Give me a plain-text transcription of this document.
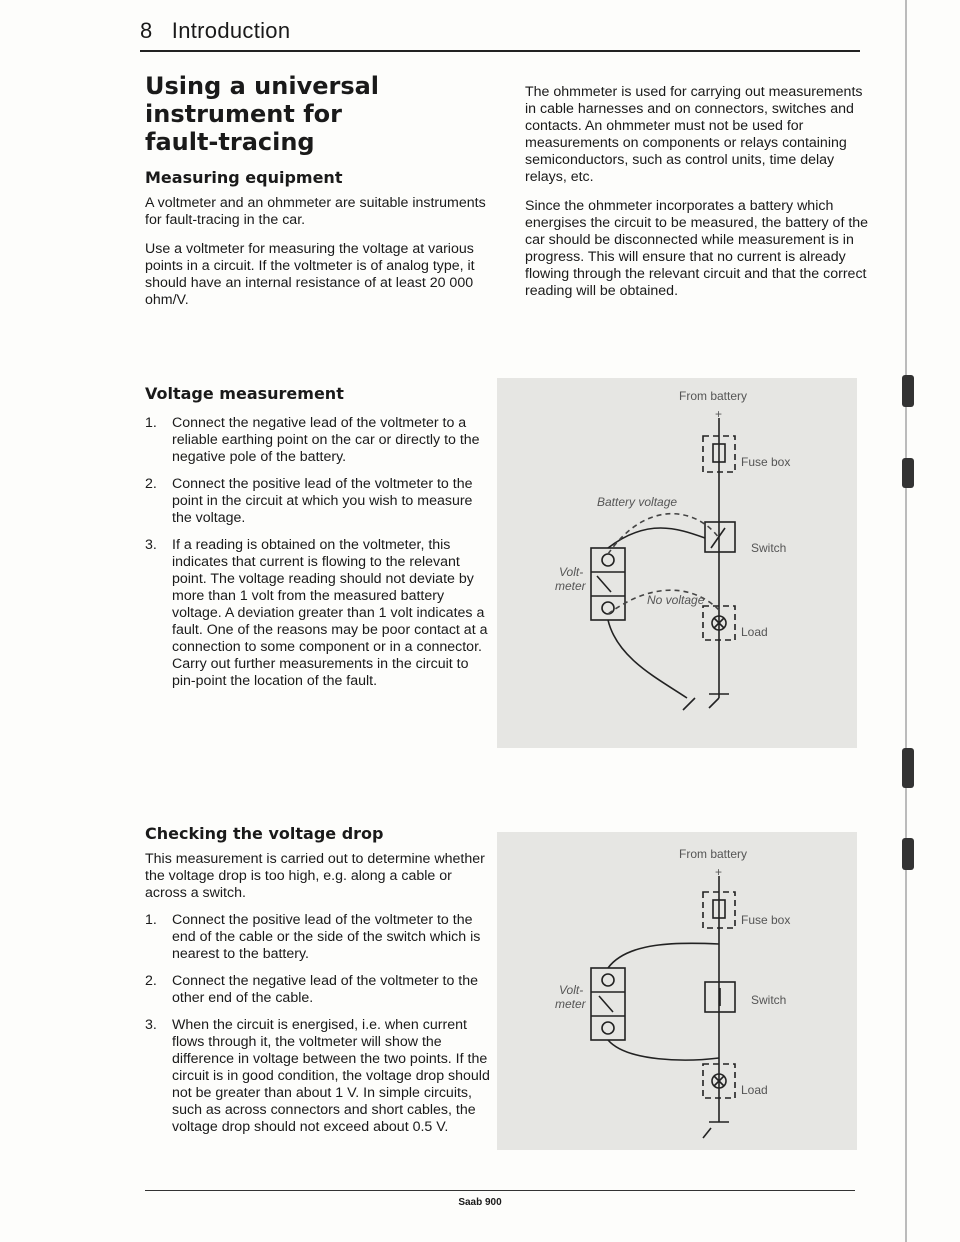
8 Introduction
Using a universal instrument for
fault-tracing
Measuring equipment

A voltmeter and an ohmmeter are suitable instruments for fault-tracing in the car.

Use a voltmeter for measuring the voltage at various points in a circuit. If the voltmeter is of analog type, it should have an internal resistance of at least 20 000 ohm/V.

The ohmmeter is used for carrying out measurements in cable harnesses and on connectors, switches and contacts. An ohmmeter must not be used for measurements on components or relays containing semiconductors, such as control units, time delay relays, etc.

Since the ohmmeter incorporates a battery which energises the circuit to be measured, the battery of the car should be disconnected while measurement is in progress. This will ensure that no current is already flowing through the relevant circuit and that the correct reading will be obtained.

Voltage measurement
1. Connect the negative lead of the voltmeter to a reliable earthing point on the car or directly to the negative pole of the battery.
2. Connect the positive lead of the voltmeter to the point in the circuit at which you wish to measure the voltage.
3. If a reading is obtained on the voltmeter, this indicates that current is flowing to the relevant point. The voltage reading should not deviate by more than 1 volt from the measured battery voltage. A deviation greater than 1 volt indicates a fault. One of the reasons may be poor contact at a connection to some component or in a connector. Carry out further measurements in the circuit to pin-point the location of the fault.
Checking the voltage drop

This measurement is carried out to determine whether the voltage drop is too high, e.g. along a cable or across a switch.

1. Connect the positive lead of the voltmeter to the end of the cable or the side of the switch which is nearest to the battery.
2. Connect the negative lead of the voltmeter to the other end of the cable.
3. When the circuit is energised, i.e. when current flows through it, the voltmeter will show the difference in voltage between the two points. If the circuit is in good condition, the voltage drop should not be greater than about 1 V. In simple circuits, such as across connectors and short cables, the voltage drop should not exceed about 0.5 V.
From battery
+
Fuse box
Battery voltage
Switch
Volt-
meter
No voltage
Load
From battery
+
Fuse box
Volt-
meter	Switch
Load
Saab 900
